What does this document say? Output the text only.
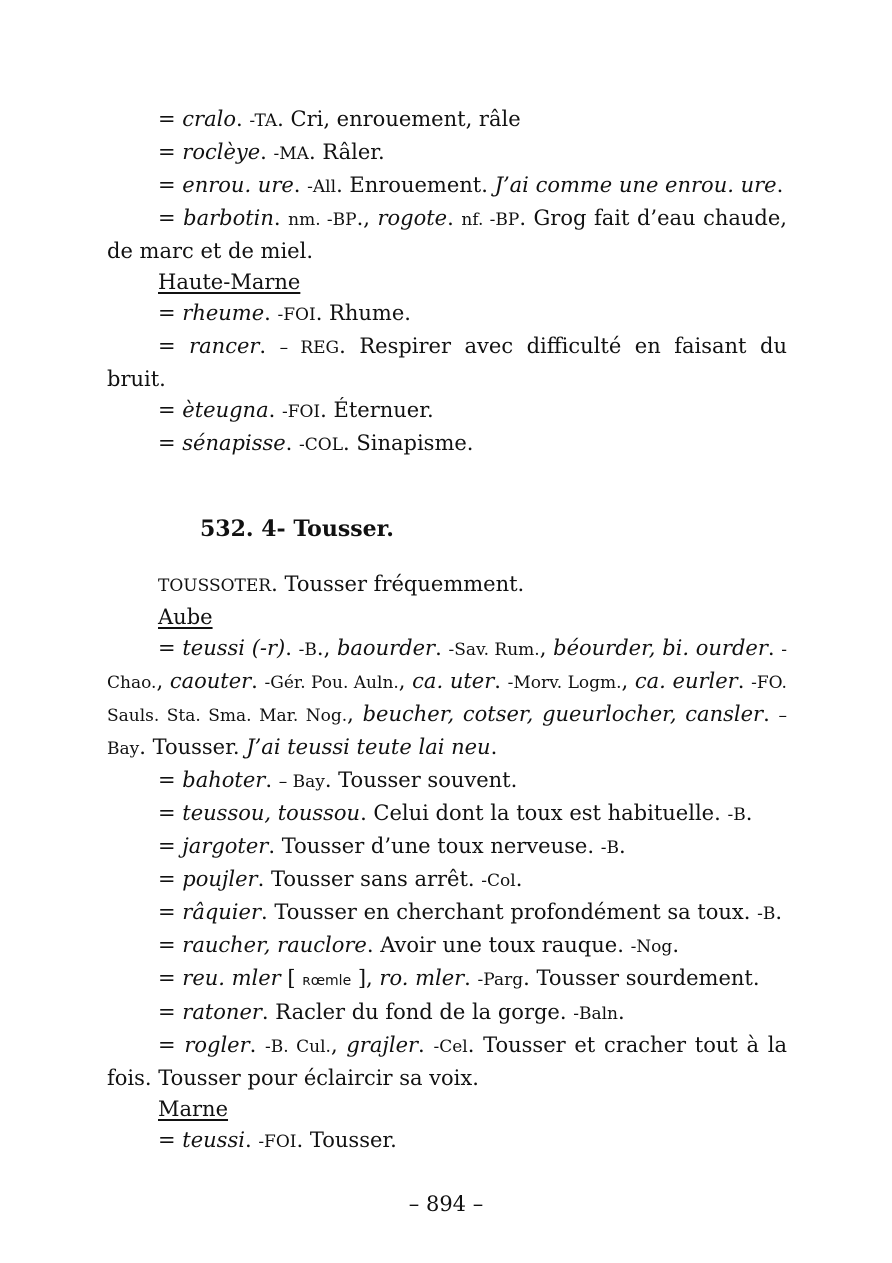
= cralo. -TA. Cri, enrouement, râle

= roclèye. -MA. Râler.

= enrou. ure. -All. Enrouement. J’ai comme une enrou. ure.

= barbotin. nm. -BP., rogote. nf. -BP. Grog fait d’eau chaude, de marc et de miel.

Haute-Marne

= rheume. -FOI. Rhume.

= rancer. – REG. Respirer avec difficulté en faisant du bruit.

= èteugna. -FOI. Éternuer.

= sénapisse. -COL. Sinapisme.

532. 4- Tousser.

TOUSSOTER. Tousser fréquemment.

Aube

= teussi (-r). -B., baourder. -Sav. Rum., béourder, bi. ourder. -Chao., caouter. -Gér. Pou. Auln., ca. uter. -Morv. Logm., ca. eurler. -FO. Sauls. Sta. Sma. Mar. Nog., beucher, cotser, gueurlocher, cansler. – Bay. Tousser. J’ai teussi teute lai neu.

= bahoter. – Bay. Tousser souvent.

= teussou, toussou. Celui dont la toux est habituelle. -B.

= jargoter. Tousser d’une toux nerveuse. -B.

= poujler. Tousser sans arrêt. -Col.

= râquier. Tousser en cherchant profondément sa toux. -B.

= raucher, rauclore. Avoir une toux rauque. -Nog.

= reu. mler [ ʀœmle ], ro. mler. -Parg. Tousser sourdement.

= ratoner. Racler du fond de la gorge. -Baln.

= rogler. -B. Cul., grajler. -Cel. Tousser et cracher tout à la fois. Tousser pour éclaircir sa voix.

Marne

= teussi. -FOI. Tousser.

– 894 –
